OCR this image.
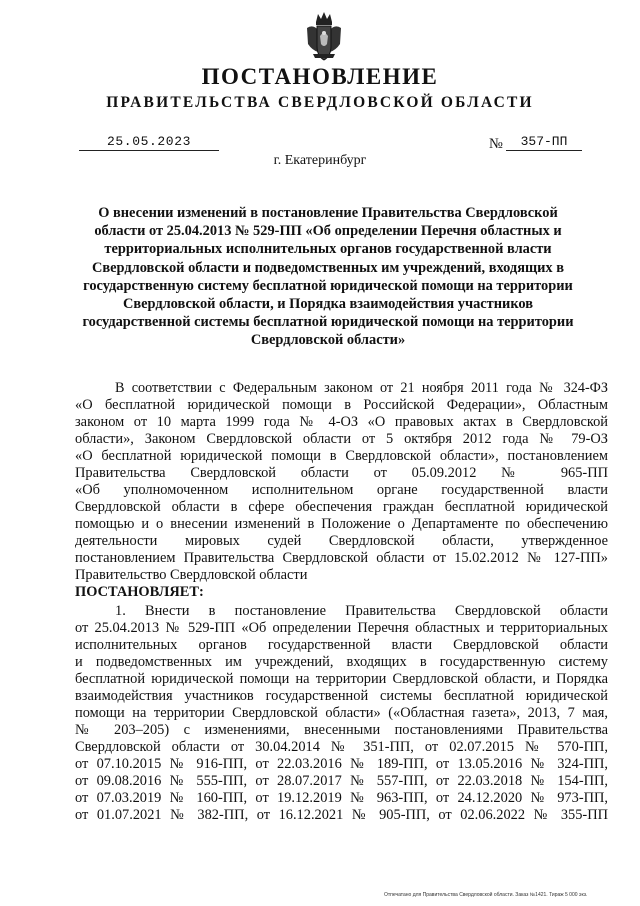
ПОСТАНОВЛЕНИЕ
ПРАВИТЕЛЬСТВА СВЕРДЛОВСКОЙ ОБЛАСТИ
25.05.2023	№	357-ПП
г. Екатеринбург

О внесении изменений в постановление Правительства Свердловской области от 25.04.2013 № 529-ПП «Об определении Перечня областных и территориальных исполнительных органов государственной власти Свердловской области и подведомственных им учреждений, входящих в государственную систему бесплатной юридической помощи на территории Свердловской области, и Порядка взаимодействия участников государственной системы бесплатной юридической помощи на территории Свердловской области»

В соответствии с Федеральным законом от 21 ноября 2011 года № 324-ФЗ
«О бесплатной юридической помощи в Российской Федерации», Областным
законом от 10 марта 1999 года № 4-ОЗ «О правовых актах в Свердловской
области», Законом Свердловской области от 5 октября 2012 года № 79-ОЗ
«О бесплатной юридической помощи в Свердловской области», постановлением
Правительства Свердловской области от 05.09.2012 № 965-ПП
«Об уполномоченном исполнительном органе государственной власти
Свердловской области в сфере обеспечения граждан бесплатной юридической
помощью и о внесении изменений в Положение о Департаменте по обеспечению
деятельности мировых судей Свердловской области, утвержденное
постановлением Правительства Свердловской области от 15.02.2012 № 127-ПП»
Правительство Свердловской области
ПОСТАНОВЛЯЕТ:
1. Внести в постановление Правительства Свердловской области
от 25.04.2013 № 529-ПП «Об определении Перечня областных и территориальных
исполнительных органов государственной власти Свердловской области
и подведомственных им учреждений, входящих в государственную систему
бесплатной юридической помощи на территории Свердловской области, и Порядка
взаимодействия участников государственной системы бесплатной юридической
помощи на территории Свердловской области» («Областная газета», 2013, 7 мая,
№ 203–205) с изменениями, внесенными постановлениями Правительства
Свердловской области от 30.04.2014 № 351-ПП, от 02.07.2015 № 570-ПП,
от 07.10.2015 № 916-ПП, от 22.03.2016 № 189-ПП, от 13.05.2016 № 324-ПП,
от 09.08.2016 № 555-ПП, от 28.07.2017 № 557-ПП, от 22.03.2018 № 154-ПП,
от 07.03.2019 № 160-ПП, от 19.12.2019 № 963-ПП, от 24.12.2020 № 973-ПП,
от 01.07.2021 № 382-ПП, от 16.12.2021 № 905-ПП, от 02.06.2022 № 355-ПП
Отпечатано для Правительства Свердловской области. Заказ №1421. Тираж 5 000 экз.
